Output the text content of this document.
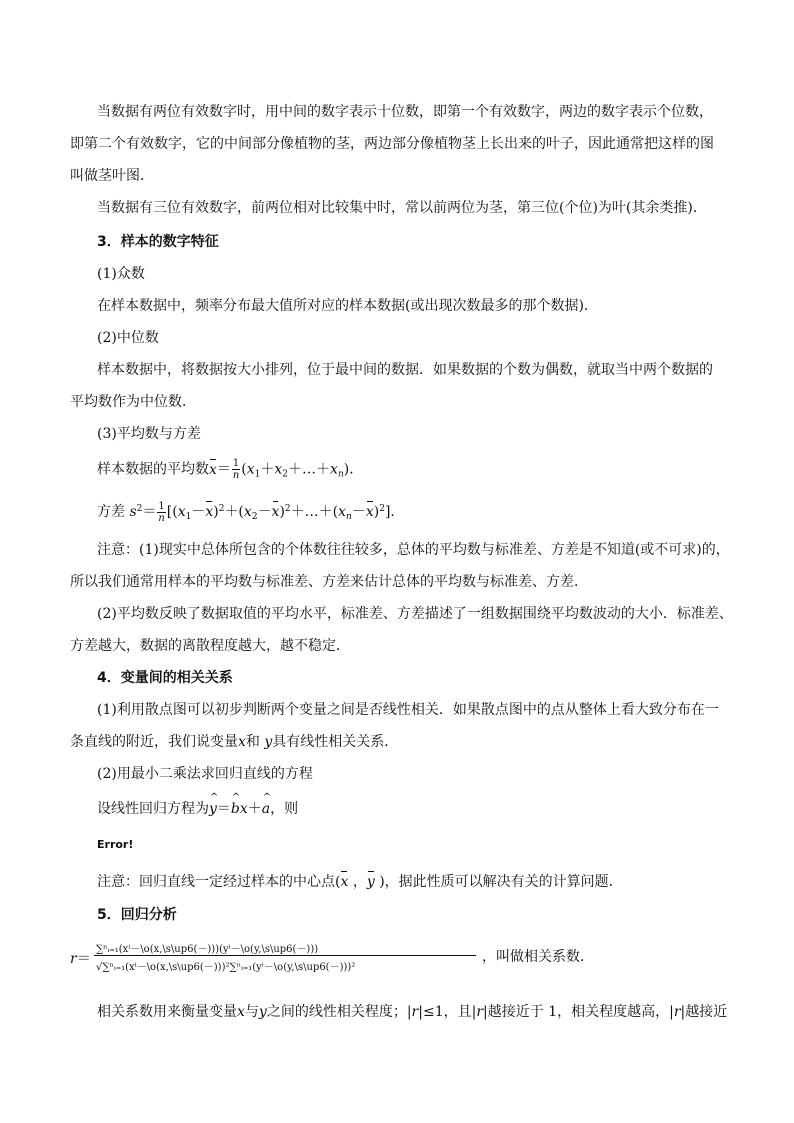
当数据有两位有效数字时，用中间的数字表示十位数，即第一个有效数字，两边的数字表示个位数，
即第二个有效数字，它的中间部分像植物的茎，两边部分像植物茎上长出来的叶子，因此通常把这样的图
叫做茎叶图．
当数据有三位有效数字，前两位相对比较集中时，常以前两位为茎，第三位(个位)为叶(其余类推)．
3．样本的数字特征
(1)众数
在样本数据中，频率分布最大值所对应的样本数据(或出现次数最多的那个数据)．
(2)中位数
样本数据中，将数据按大小排列，位于最中间的数据．如果数据的个数为偶数，就取当中两个数据的
平均数作为中位数．
(3)平均数与方差
样本数据的平均数$x= \frac{1}{n}$ $(x_1+x_2+\dots+x_n)$．
方差 $s^2= \frac{1}{n}$ $[(x_1-x)^2+(x_2-x)^2+\dots+(x_n-x)^2]$．
注意：(1)现实中总体所包含的个体数往往较多，总体的平均数与标准差、方差是不知道(或不可求)的，
所以我们通常用样本的平均数与标准差、方差来估计总体的平均数与标准差、方差．
(2)平均数反映了数据取值的平均水平，标准差、方差描述了一组数据围绕平均数波动的大小．标准差、
方差越大，数据的离散程度越大，越不稳定．
4．变量间的相关关系
(1)利用散点图可以初步判断两个变量之间是否线性相关．如果散点图中的点从整体上看大致分布在一
条直线的附近，我们说变量x和 y具有线性相关关系．
(2)用最小二乘法求回归直线的方程
设线性回归方程为^ y＝^ bx＋^ a，则
Error!
注意：回归直线一定经过样本的中心点(x ，y )，据此性质可以解决有关的计算问题．
5．回归分析
r＝
∑ⁿᵢ₌₁(xⁱ－\o(x,\s\up6(－)))(yⁱ－\o(y,\s\up6(－)))
√∑ⁿᵢ₌₁(xⁱ－\o(x,\s\up6(－)))²∑ⁿᵢ₌₁(yⁱ－\o(y,\s\up6(－)))²
，叫做相关系数．
相关系数用来衡量变量x与y之间的线性相关程度；|r|≤1，且|r|越接近于 1，相关程度越高，|r|越接近
